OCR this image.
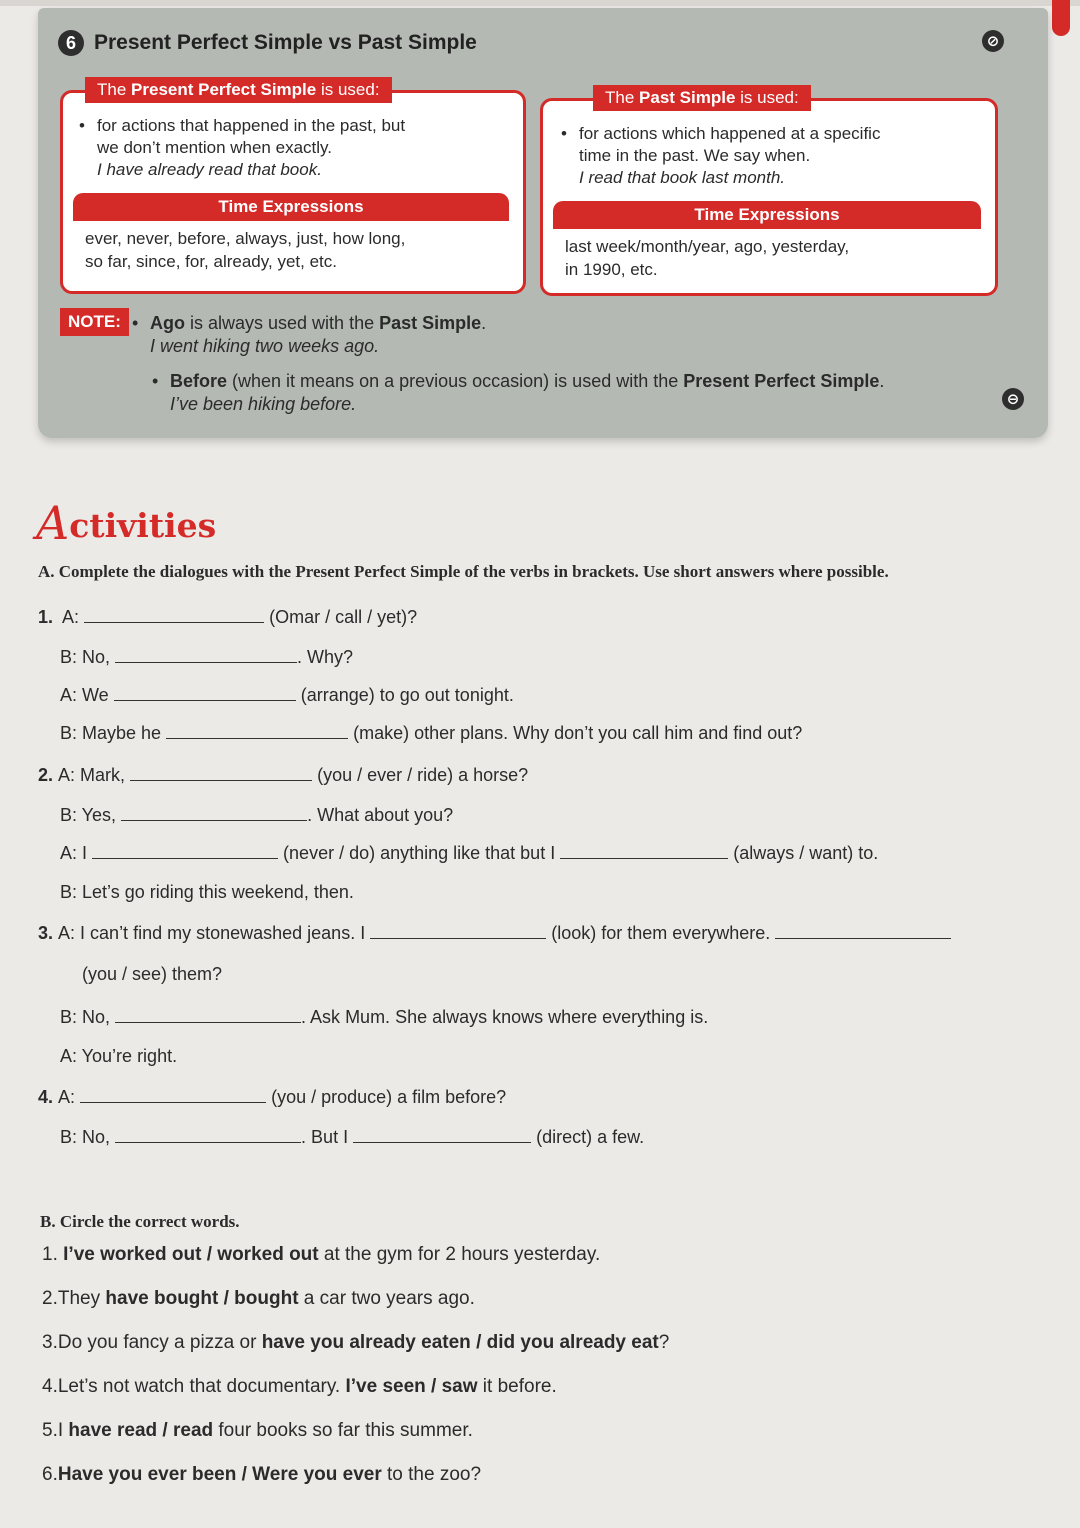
6 Present Perfect Simple vs Past Simple	⊘
⊖
The Present Perfect Simple is used:
• for actions that happened in the past, but
we don’t mention when exactly.
I have already read that book.
Time Expressions
ever, never, before, always, just, how long,
so far, since, for, already, yet, etc.
The Past Simple is used:
• for actions which happened at a specific
time in the past. We say when.
I read that book last month.
Time Expressions
last week/month/year, ago, yesterday,
in 1990, etc.
NOTE: • Ago is always used with the Past Simple.
I went hiking two weeks ago.
• Before (when it means on a previous occasion) is used with the Present Perfect Simple.
I’ve been hiking before.
A ctivities
A. Complete the dialogues with the Present Perfect Simple of the verbs in brackets. Use short answers where possible.
1. A:	(Omar / call / yet)?
B: No,	. Why?
A: We	(arrange) to go out tonight.
B: Maybe he	(make) other plans. Why don’t you call him and find out?
2. A: Mark,	(you / ever / ride) a horse?
B: Yes,	. What about you?
A: I	(never / do) anything like that but I	(always / want) to.
B: Let’s go riding this weekend, then.
3. A: I can’t find my stonewashed jeans. I	(look) for them everywhere.
(you / see) them?
B: No,	. Ask Mum. She always knows where everything is.
A: You’re right.
4. A:	(you / produce) a film before?
B: No,	. But I	(direct) a few.
B. Circle the correct words.
1. I’ve worked out / worked out at the gym for 2 hours yesterday.
2.They have bought / bought a car two years ago.
3.Do you fancy a pizza or have you already eaten / did you already eat?
4.Let’s not watch that documentary. I’ve seen / saw it before.
5.I have read / read four books so far this summer.
6.Have you ever been / Were you ever to the zoo?
